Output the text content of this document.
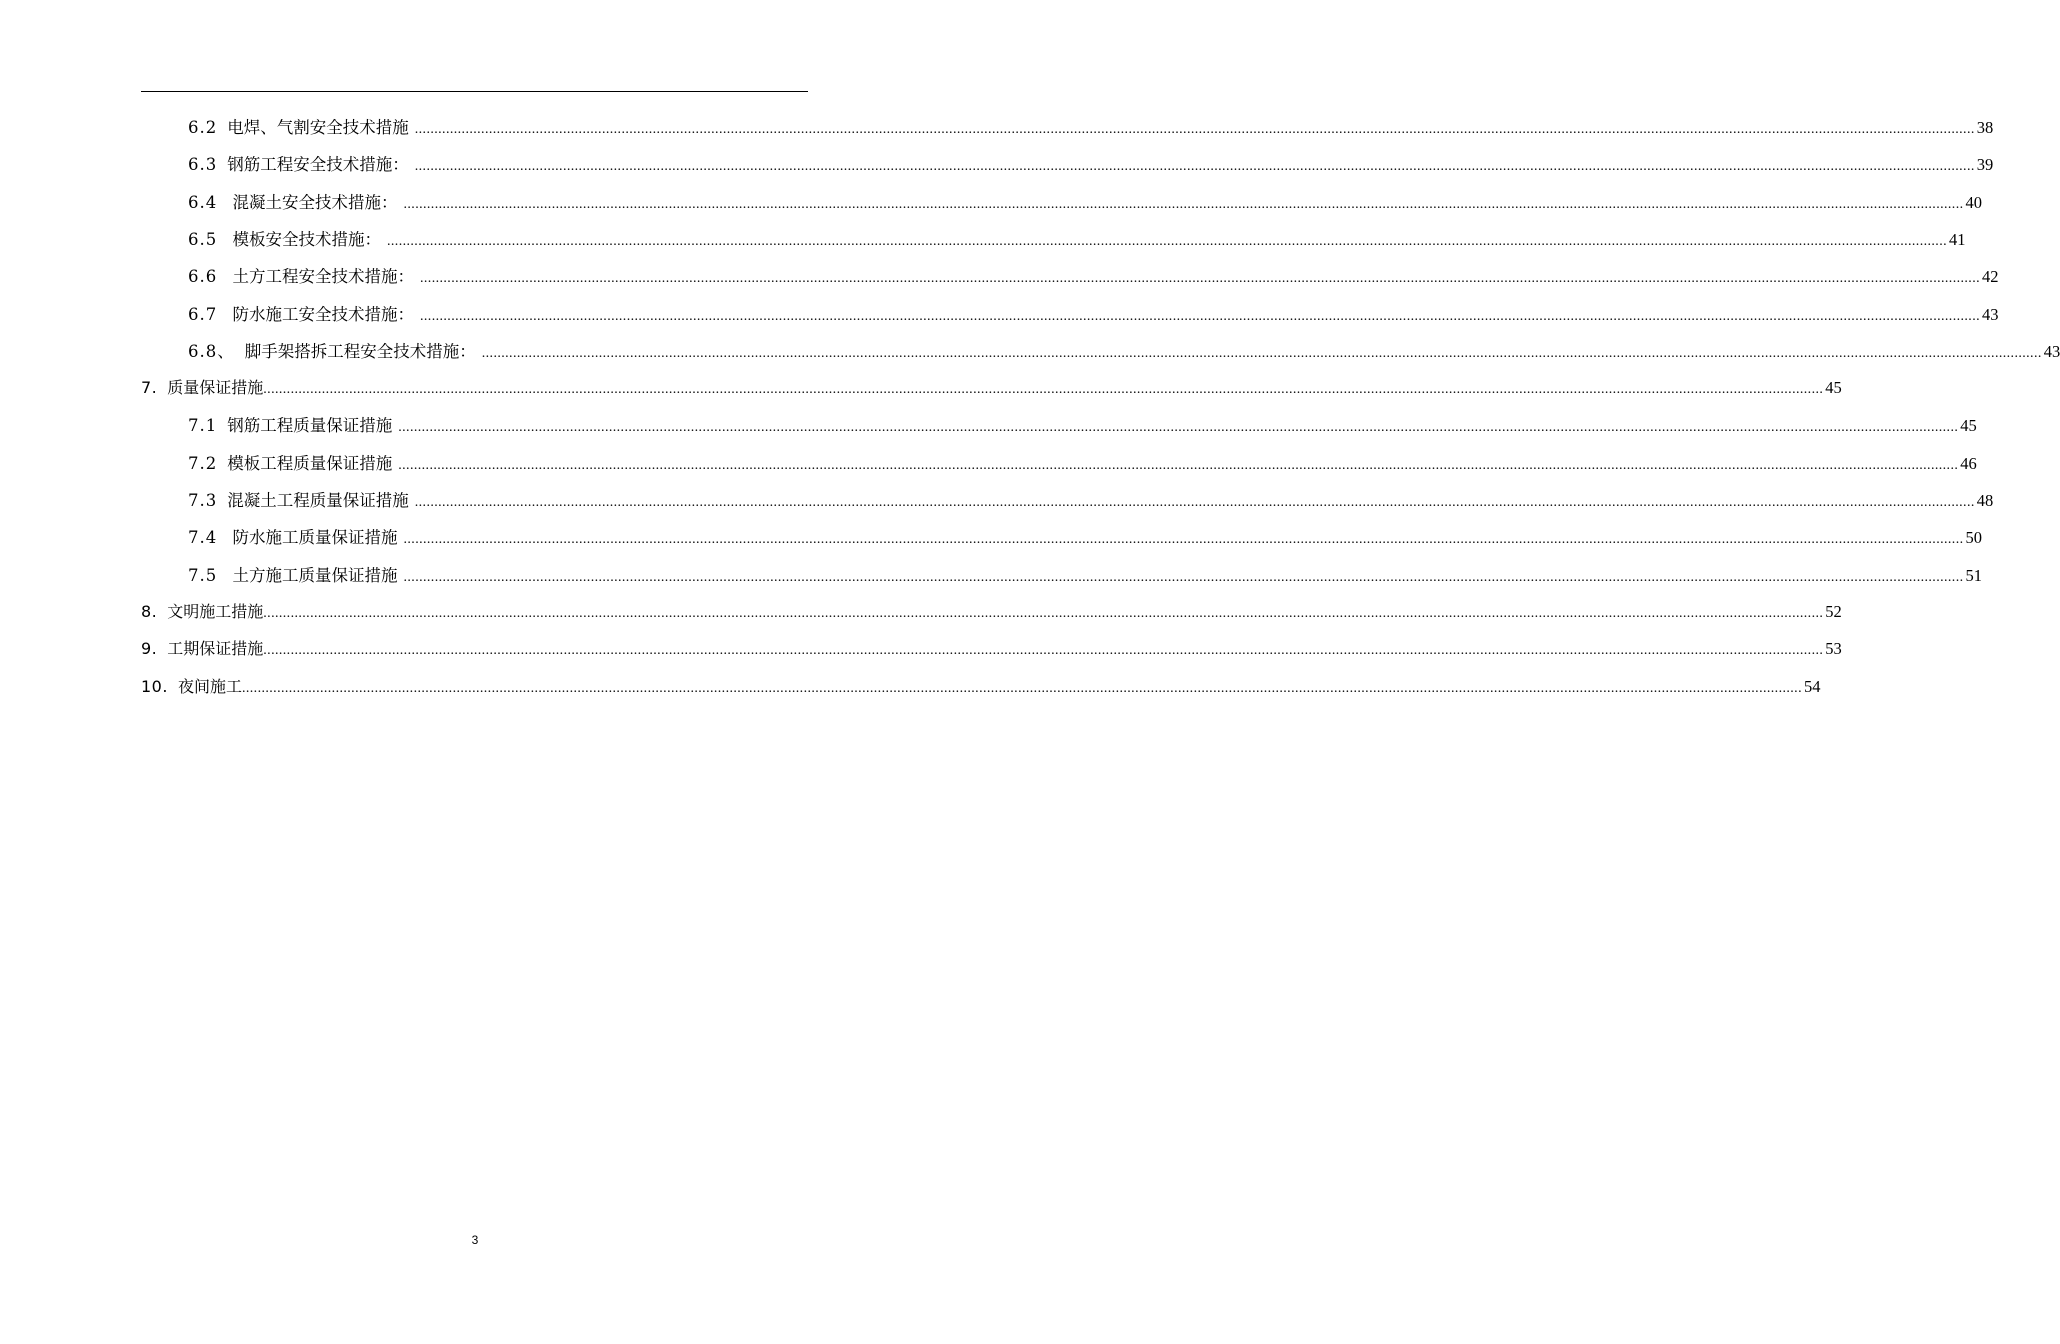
6.2 电焊、气割安全技术措施 ................................................................................................................................................................................................................................................................................................................................................................................................................ 38
6.3 钢筋工程安全技术措施： ................................................................................................................................................................................................................................................................................................................................................................................................................ 39
6.4 混凝土安全技术措施： ................................................................................................................................................................................................................................................................................................................................................................................................................ 40
6.5 模板安全技术措施： ................................................................................................................................................................................................................................................................................................................................................................................................................ 41
6.6 土方工程安全技术措施： ................................................................................................................................................................................................................................................................................................................................................................................................................ 42
6.7 防水施工安全技术措施： ................................................................................................................................................................................................................................................................................................................................................................................................................ 43
6.8、 脚手架搭拆工程安全技术措施： ................................................................................................................................................................................................................................................................................................................................................................................................................ 43
7. 质量保证措施 ................................................................................................................................................................................................................................................................................................................................................................................................................ 45
7.1 钢筋工程质量保证措施 ................................................................................................................................................................................................................................................................................................................................................................................................................ 45
7.2 模板工程质量保证措施 ................................................................................................................................................................................................................................................................................................................................................................................................................ 46
7.3 混凝土工程质量保证措施 ................................................................................................................................................................................................................................................................................................................................................................................................................ 48
7.4 防水施工质量保证措施 ................................................................................................................................................................................................................................................................................................................................................................................................................ 50
7.5 土方施工质量保证措施 ................................................................................................................................................................................................................................................................................................................................................................................................................ 51
8. 文明施工措施 ................................................................................................................................................................................................................................................................................................................................................................................................................ 52
9. 工期保证措施 ................................................................................................................................................................................................................................................................................................................................................................................................................ 53
10. 夜间施工 ................................................................................................................................................................................................................................................................................................................................................................................................................ 54
3
